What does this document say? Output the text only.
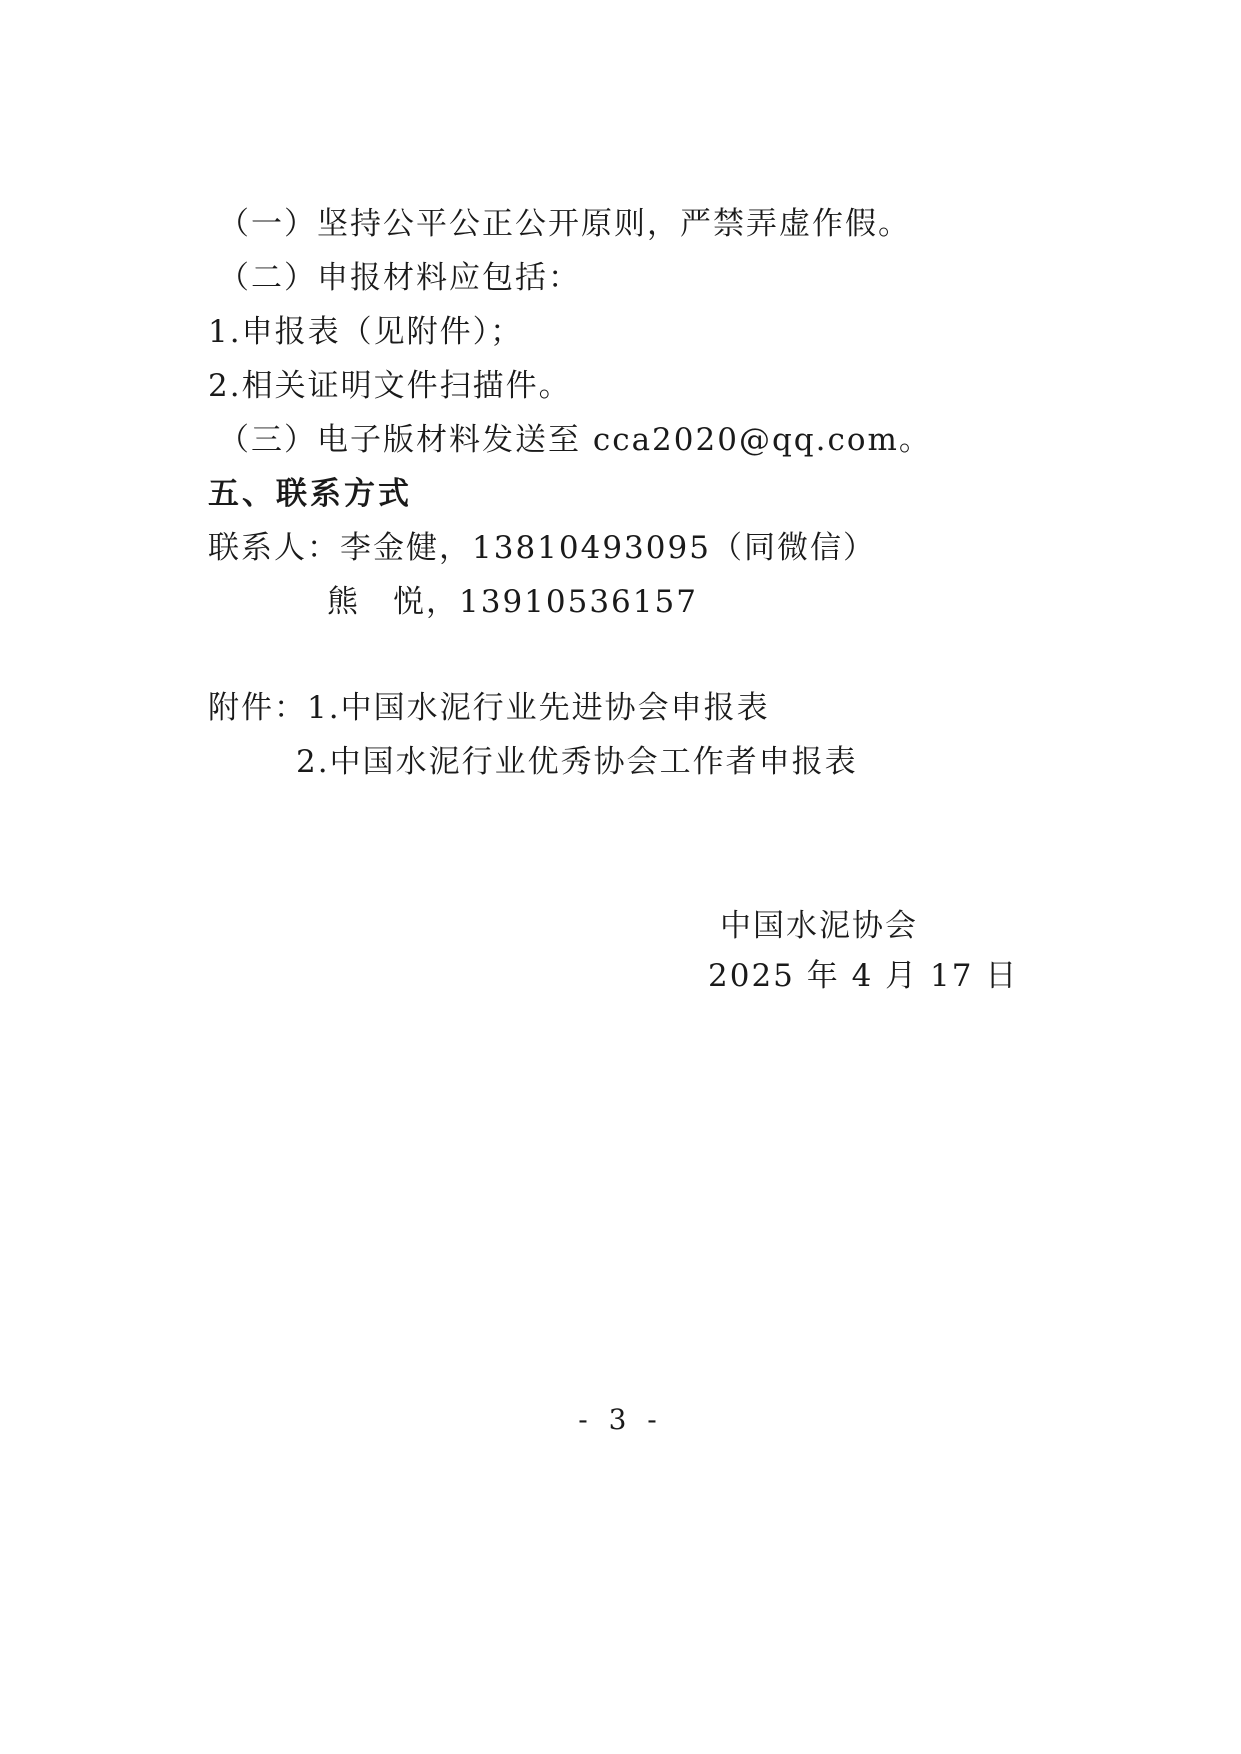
（一）坚持公平公正公开原则，严禁弄虚作假。
（二）申报材料应包括：
1.申报表（见附件）；
2.相关证明文件扫描件。
（三）电子版材料发送至 cca2020@qq.com。
五、联系方式
联系人：李金健，13810493095（同微信）
熊　悦，13910536157
附件：1.中国水泥行业先进协会申报表
2.中国水泥行业优秀协会工作者申报表
中国水泥协会
2025 年 4 月 17 日
- 3 -
